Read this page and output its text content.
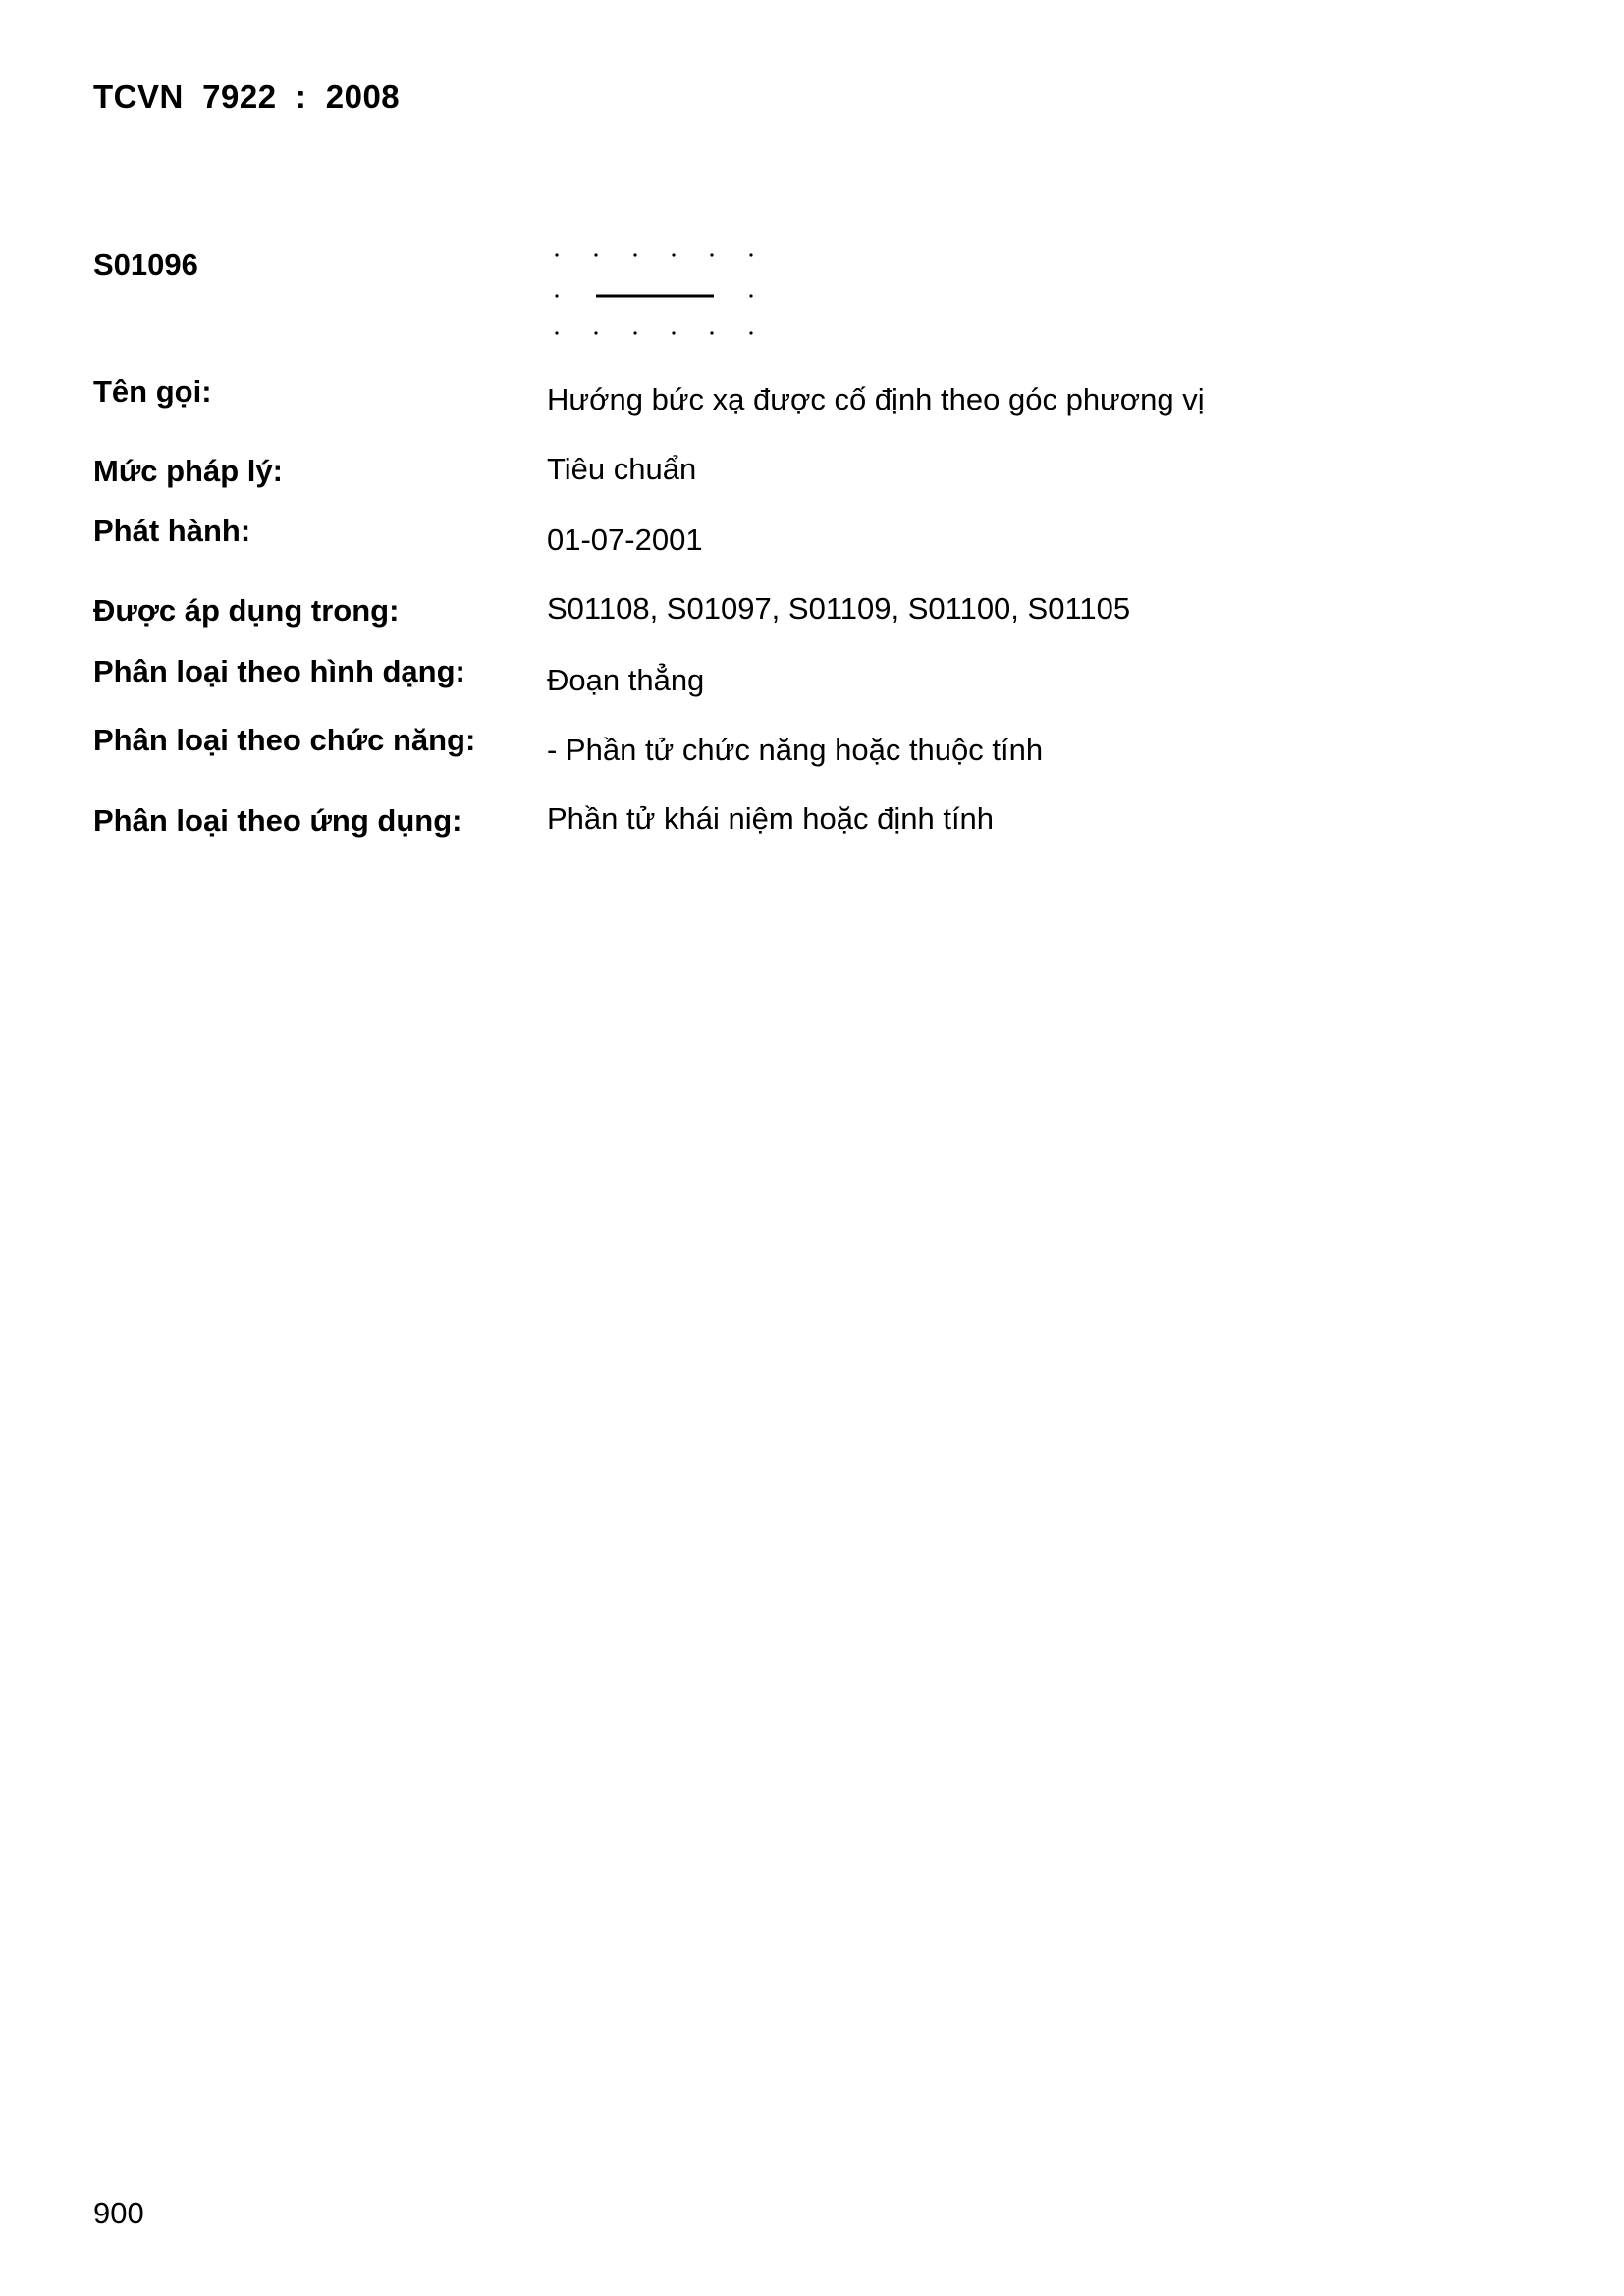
TCVN  7922  :  2008
S01096
Tên gọi:	Hướng bức xạ được cố định theo góc phương vị
Mức pháp lý:	Tiêu chuẩn
Phát hành:	01-07-2001
Được áp dụng trong:	S01108, S01097, S01109, S01100, S01105
Phân loại theo hình dạng:	Đoạn thẳng
Phân loại theo chức năng: - Phần tử chức năng hoặc thuộc tính
Phân loại theo ứng dụng:	Phần tử khái niệm hoặc định tính
900
